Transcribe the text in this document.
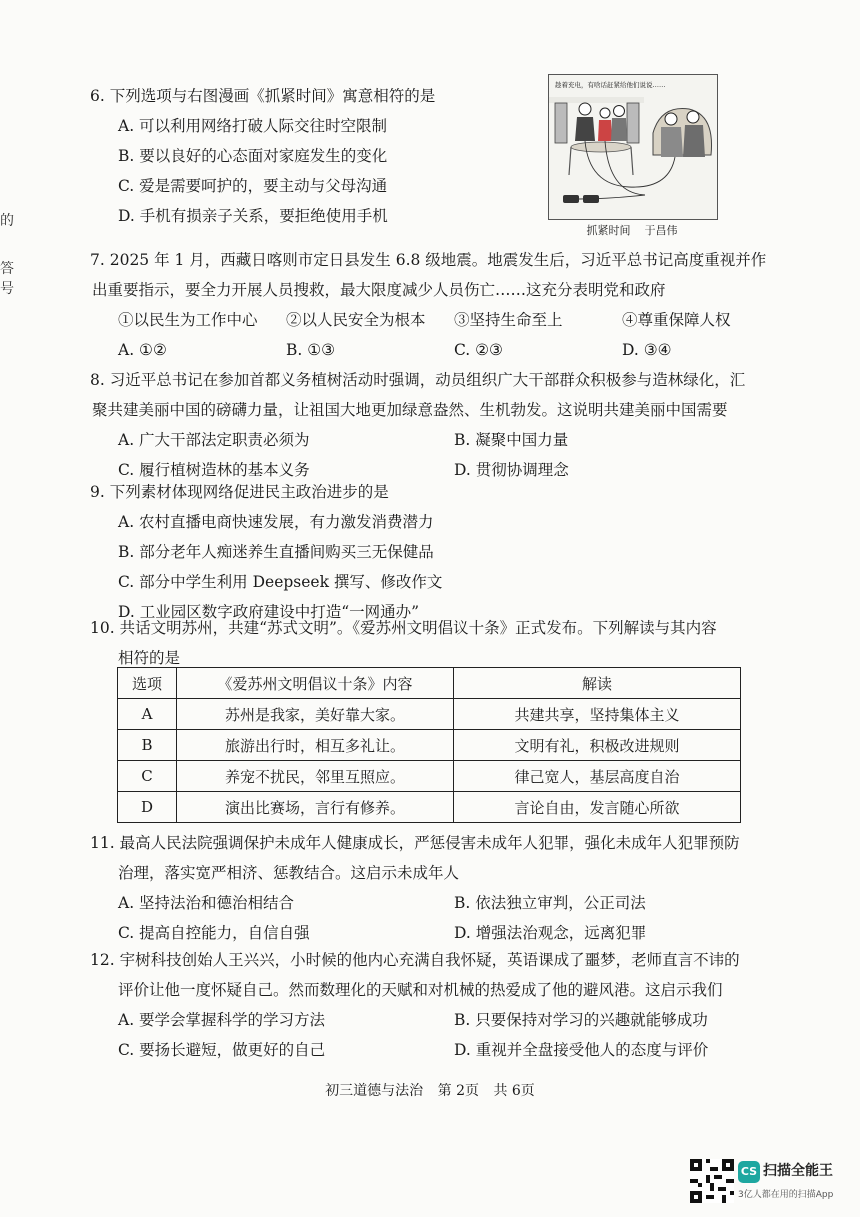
的
答
号
6. 下列选项与右图漫画《抓紧时间》寓意相符的是
A. 可以利用网络打破人际交往时空限制
B. 要以良好的心态面对家庭发生的变化
C. 爱是需要呵护的，要主动与父母沟通
D. 手机有损亲子关系，要拒绝使用手机
趁着充电，有啥话赶紧给他们说说……
抓紧时间 于昌伟
7. 2025 年 1 月，西藏日喀则市定日县发生 6.8 级地震。地震发生后，习近平总书记高度重视并作
出重要指示，要全力开展人员搜救，最大限度减少人员伤亡……这充分表明党和政府
①以民生为工作中心	②以人民安全为根本	③坚持生命至上	④尊重保障人权
A. ①②	B. ①③	C. ②③	D. ③④
8. 习近平总书记在参加首都义务植树活动时强调，动员组织广大干部群众积极参与造林绿化，汇
聚共建美丽中国的磅礴力量，让祖国大地更加绿意盎然、生机勃发。这说明共建美丽中国需要
A. 广大干部法定职责必须为	B. 凝聚中国力量
C. 履行植树造林的基本义务	D. 贯彻协调理念
9. 下列素材体现网络促进民主政治进步的是
A. 农村直播电商快速发展，有力激发消费潜力
B. 部分老年人痴迷养生直播间购买三无保健品
C. 部分中学生利用 Deepseek 撰写、修改作文
D. 工业园区数字政府建设中打造“一网通办”
10. 共话文明苏州，共建“苏式文明”。《爱苏州文明倡议十条》正式发布。下列解读与其内容
相符的是
选项	《爱苏州文明倡议十条》内容	解读
A	苏州是我家，美好靠大家。	共建共享，坚持集体主义
B	旅游出行时，相互多礼让。	文明有礼，积极改进规则
C	养宠不扰民，邻里互照应。	律己宽人，基层高度自治
D	演出比赛场，言行有修养。	言论自由，发言随心所欲
11. 最高人民法院强调保护未成年人健康成长，严惩侵害未成年人犯罪，强化未成年人犯罪预防
治理，落实宽严相济、惩教结合。这启示未成年人
A. 坚持法治和德治相结合	B. 依法独立审判，公正司法
C. 提高自控能力，自信自强	D. 增强法治观念，远离犯罪
12. 宇树科技创始人王兴兴，小时候的他内心充满自我怀疑，英语课成了噩梦，老师直言不讳的
评价让他一度怀疑自己。然而数理化的天赋和对机械的热爱成了他的避风港。这启示我们
A. 要学会掌握科学的学习方法	B. 只要保持对学习的兴趣就能够成功
C. 要扬长避短，做更好的自己	D. 重视并全盘接受他人的态度与评价
初三道德与法治 第 2页 共 6页
CS 扫描全能王
3亿人都在用的扫描App
